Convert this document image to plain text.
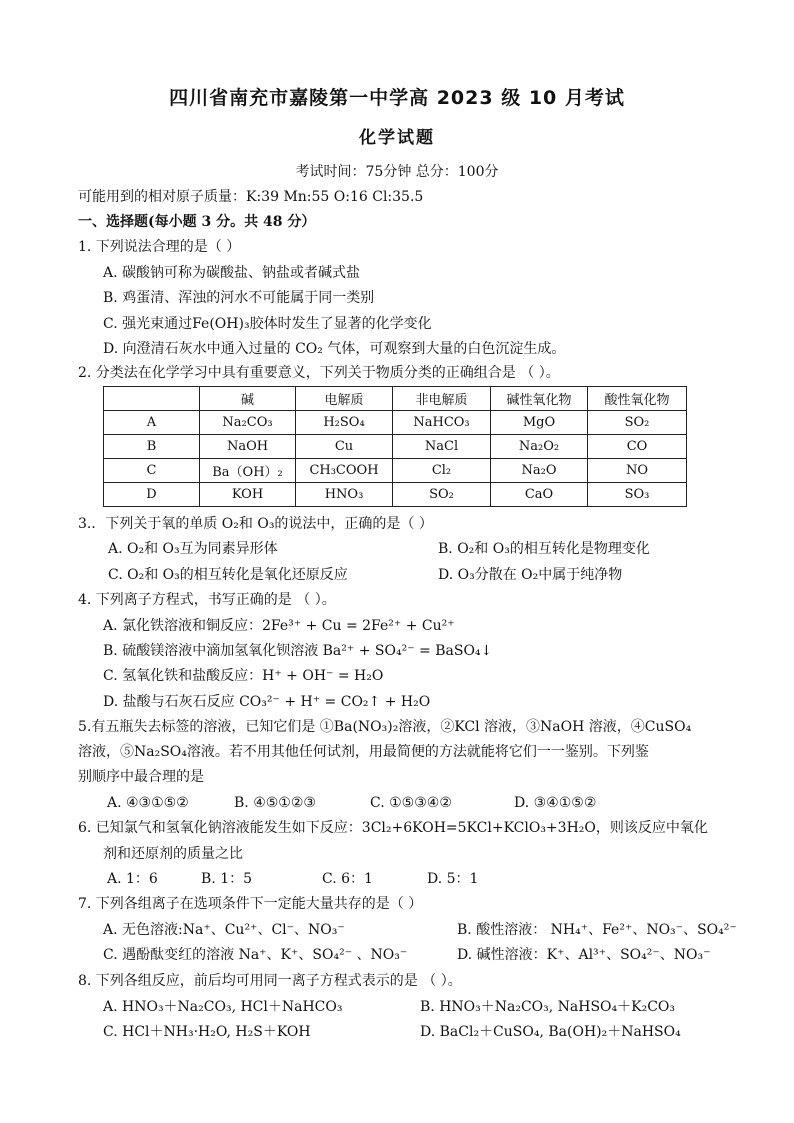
四川省南充市嘉陵第一中学高 2023 级 10 月考试
化学试题
考试时间：75分钟 总分：100分
可能用到的相对原子质量：K:39 Mn:55 O:16 Cl:35.5
一、选择题(每小题 3 分。共 48 分）
1. 下列说法合理的是（ ）
A. 碳酸钠可称为碳酸盐、钠盐或者碱式盐
B. 鸡蛋清、浑浊的河水不可能属于同一类别
C. 强光束通过Fe(OH)₃胶体时发生了显著的化学变化
D. 向澄清石灰水中通入过量的 CO₂ 气体，可观察到大量的白色沉淀生成。
2. 分类法在化学学习中具有重要意义，下列关于物质分类的正确组合是 （ ）。
	碱	电解质	非电解质	碱性氧化物	酸性氧化物
A	Na₂CO₃	H₂SO₄	NaHCO₃	MgO	SO₂
B	NaOH	Cu	NaCl	Na₂O₂	CO
C	Ba（OH）₂	CH₃COOH	Cl₂	Na₂O	NO
D	KOH	HNO₃	SO₂	CaO	SO₃
3.．下列关于氧的单质 O₂和 O₃的说法中，正确的是（ ）
A. O₂和 O₃互为同素异形体	B. O₂和 O₃的相互转化是物理变化
C. O₂和 O₃的相互转化是氧化还原反应	D. O₃分散在 O₂中属于纯净物
4. 下列离子方程式，书写正确的是 （ ）。
A. 氯化铁溶液和铜反应：2Fe³⁺ + Cu = 2Fe²⁺ + Cu²⁺
B. 硫酸镁溶液中滴加氢氧化钡溶液 Ba²⁺ + SO₄²⁻ = BaSO₄↓
C. 氢氧化铁和盐酸反应：H⁺ + OH⁻ = H₂O
D. 盐酸与石灰石反应 CO₃²⁻ + H⁺ = CO₂↑ + H₂O
5.有五瓶失去标签的溶液，已知它们是 ①Ba(NO₃)₂溶液，②KCl 溶液，③NaOH 溶液，④CuSO₄
溶液，⑤Na₂SO₄溶液。若不用其他任何试剂，用最简便的方法就能将它们一一鉴别。下列鉴
别顺序中最合理的是
A. ④③①⑤②	B. ④⑤①②③	C. ①⑤③④②	D. ③④①⑤②
6. 已知氯气和氢氧化钠溶液能发生如下反应：3Cl₂+6KOH=5KCl+KClO₃+3H₂O，则该反应中氧化
剂和还原剂的质量之比
A. 1：6	B. 1：5	C. 6：1	D. 5：1
7. 下列各组离子在选项条件下一定能大量共存的是（ ）
A. 无色溶液:Na⁺、Cu²⁺、Cl⁻、NO₃⁻	B. 酸性溶液： NH₄⁺、Fe²⁺、NO₃⁻、SO₄²⁻
C. 遇酚酞变红的溶液 Na⁺、K⁺、SO₄²⁻ 、NO₃⁻	D. 碱性溶液：K⁺、Al³⁺、SO₄²⁻、NO₃⁻
8. 下列各组反应，前后均可用同一离子方程式表示的是 （ ）。
A. HNO₃＋Na₂CO₃, HCl＋NaHCO₃	B. HNO₃＋Na₂CO₃, NaHSO₄＋K₂CO₃
C. HCl＋NH₃·H₂O, H₂S＋KOH	D. BaCl₂＋CuSO₄, Ba(OH)₂＋NaHSO₄
